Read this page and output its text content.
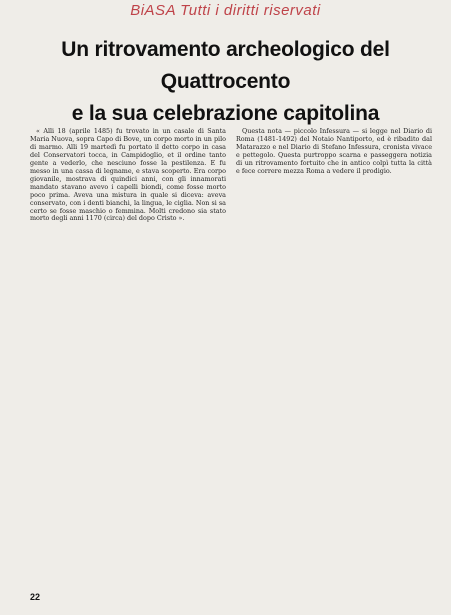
BiASA Tutti i diritti riservati
Un ritrovamento archeologico del Quattrocento
e la sua celebrazione capitolina

« Alli 18 (aprile 1485) fu trovato in un casale di Santa Maria Nuova, sopra Capo di Bove, un corpo morto in un pilo di marmo. Alli 19 martedì fu portato il detto corpo in casa del Conservatori tocca, in Campidoglio, et il ordine tanto gente a vederlo, che nesciuno fosse la pestilenza. E fu messo in una cassa di legname, e stava scoperto. Era corpo giovanile, mostrava di quindici anni, con gli innamorati mandato stavano avevo i capelli biondi, come fosse morto poco prima. Aveva una mistura in quale si diceva: aveva conservato, con i denti bianchi, la lingua, le ciglia. Non si sa certo se fosse maschio o femmina. Molti credono sia stato morto degli anni 1170 (circa) del dopo Cristo ».

Questa nota — piccolo Infessura — si legge nel Diario di Roma (1481-1492) del Notaio Nantiporto, ed è ribadito dal Matarazzo e nel Diario di Stefano Infessura, cronista vivace e pettegolo. Questa purtroppo scarna e passeggera notizia di un ritrovamento fortuito che in antico colpì tutta la città e fece correre mezza Roma a vedere il prodigio.

22
